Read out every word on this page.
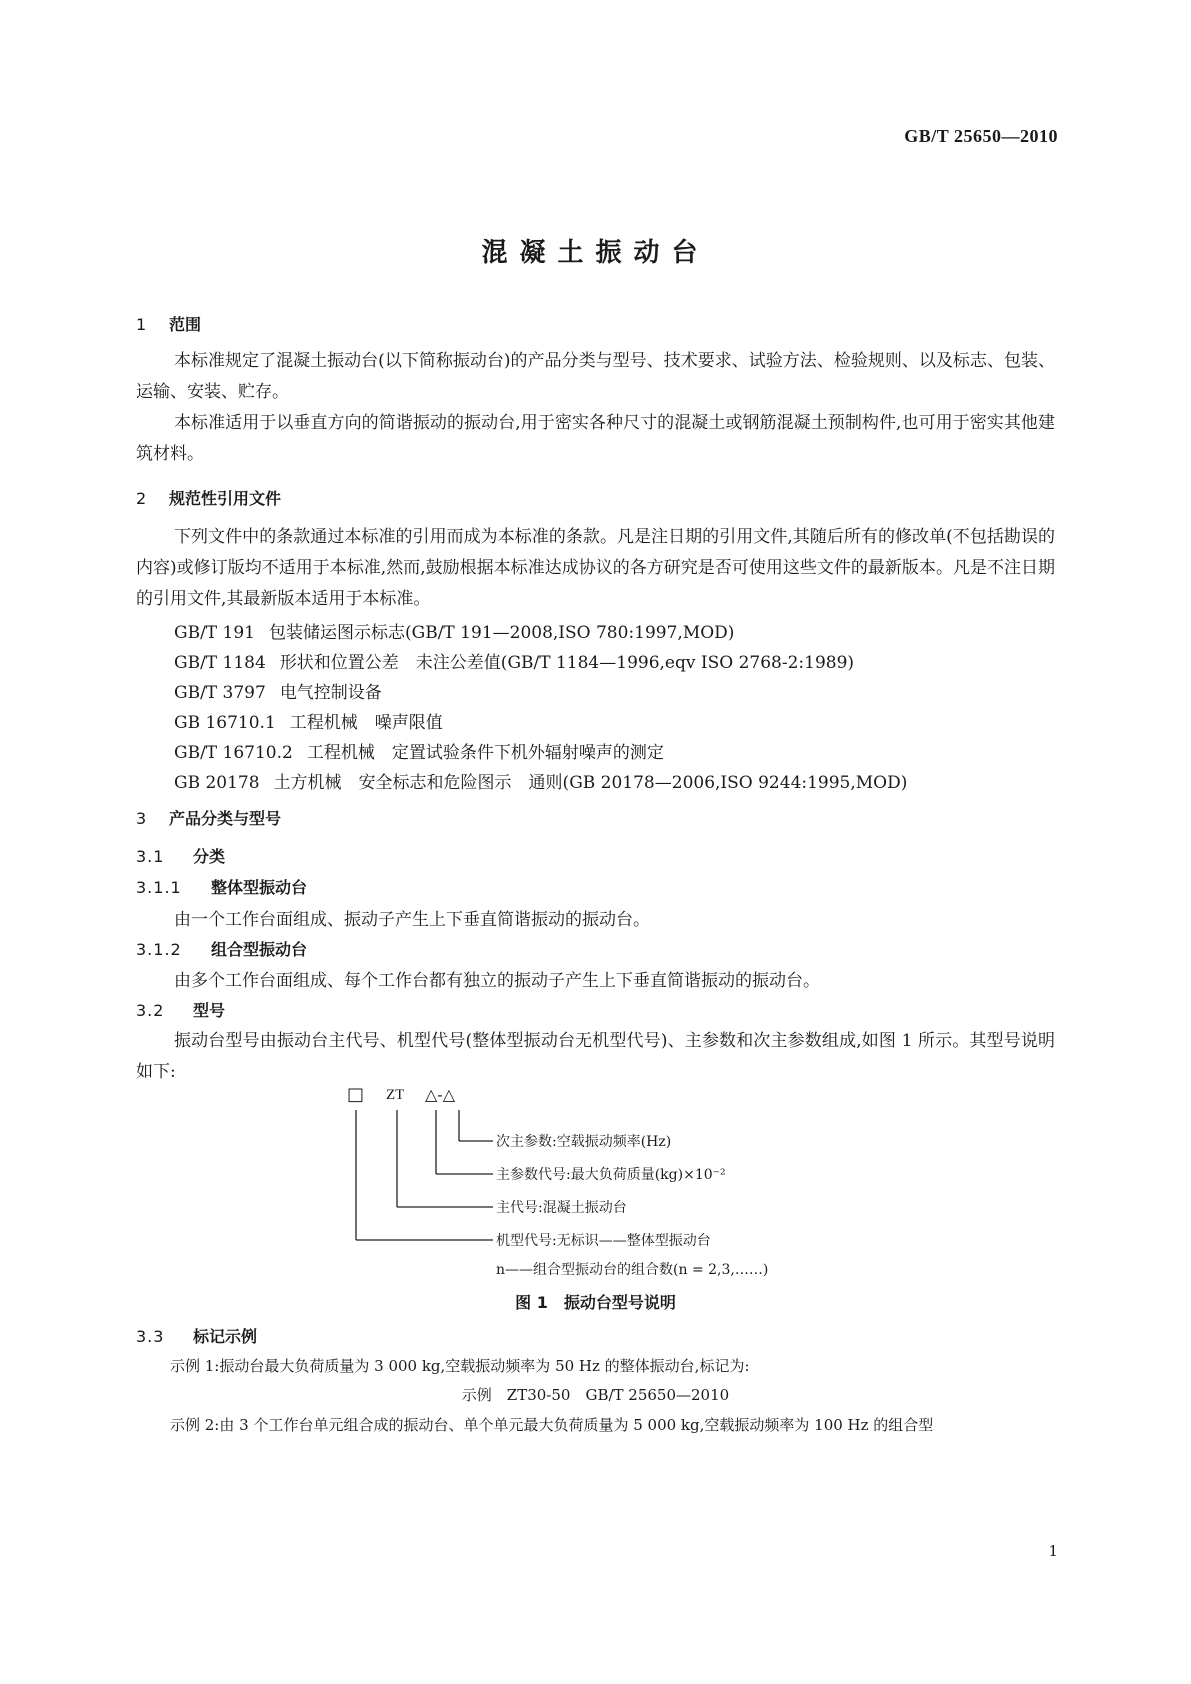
GB/T 25650—2010
混凝土振动台
1 范围

本标准规定了混凝土振动台(以下简称振动台)的产品分类与型号、技术要求、试验方法、检验规则、以及标志、包装、运输、安装、贮存。

本标准适用于以垂直方向的简谐振动的振动台,用于密实各种尺寸的混凝土或钢筋混凝土预制构件,也可用于密实其他建筑材料。

2 规范性引用文件

下列文件中的条款通过本标准的引用而成为本标准的条款。凡是注日期的引用文件,其随后所有的修改单(不包括勘误的内容)或修订版均不适用于本标准,然而,鼓励根据本标准达成协议的各方研究是否可使用这些文件的最新版本。凡是不注日期的引用文件,其最新版本适用于本标准。

GB/T 191 包装储运图示标志(GB/T 191—2008,ISO 780:1997,MOD)
GB/T 1184 形状和位置公差　未注公差值(GB/T 1184—1996,eqv ISO 2768-2:1989)
GB/T 3797 电气控制设备
GB 16710.1 工程机械　噪声限值
GB/T 16710.2 工程机械　定置试验条件下机外辐射噪声的测定
GB 20178 土方机械　安全标志和危险图示　通则(GB 20178—2006,ISO 9244:1995,MOD)
3 产品分类与型号
3.1 分类
3.1.1 整体型振动台
由一个工作台面组成、振动子产生上下垂直简谐振动的振动台。
3.1.2 组合型振动台
由多个工作台面组成、每个工作台都有独立的振动子产生上下垂直简谐振动的振动台。
3.2 型号

振动台型号由振动台主代号、机型代号(整体型振动台无机型代号)、主参数和次主参数组成,如图 1 所示。其型号说明如下:

□ ZT △-△
次主参数:空载振动频率(Hz)
主参数代号:最大负荷质量(kg)×10⁻²
主代号:混凝土振动台
机型代号:无标识——整体型振动台
n——组合型振动台的组合数(n = 2,3,……)
图 1　振动台型号说明
3.3 标记示例
示例 1:振动台最大负荷质量为 3 000 kg,空载振动频率为 50 Hz 的整体振动台,标记为:
示例　ZT30-50　GB/T 25650—2010
示例 2:由 3 个工作台单元组合成的振动台、单个单元最大负荷质量为 5 000 kg,空载振动频率为 100 Hz 的组合型
1
